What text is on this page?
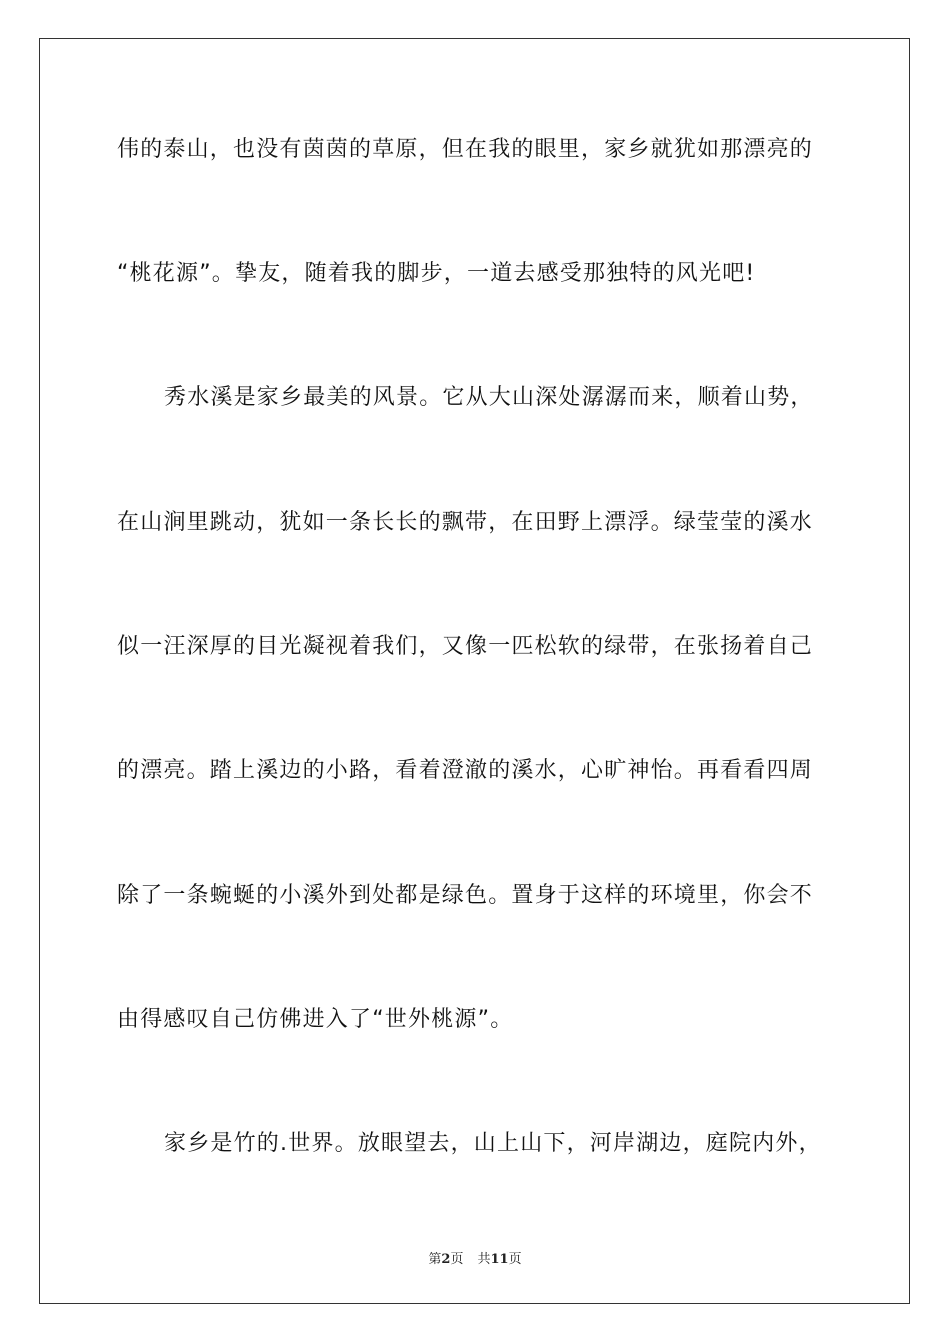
伟的泰山，也没有茵茵的草原，但在我的眼里，家乡就犹如那漂亮的
“桃花源”。挚友，随着我的脚步，一道去感受那独特的风光吧!
秀水溪是家乡最美的风景。它从大山深处潺潺而来，顺着山势，
在山涧里跳动，犹如一条长长的飘带，在田野上漂浮。绿莹莹的溪水
似一汪深厚的目光凝视着我们，又像一匹松软的绿带，在张扬着自己
的漂亮。踏上溪边的小路，看着澄澈的溪水，心旷神怡。再看看四周
除了一条蜿蜒的小溪外到处都是绿色。置身于这样的环境里，你会不
由得感叹自己仿佛进入了“世外桃源”。
家乡是竹的.世界。放眼望去，山上山下，河岸湖边，庭院内外，
第2页 共11页
